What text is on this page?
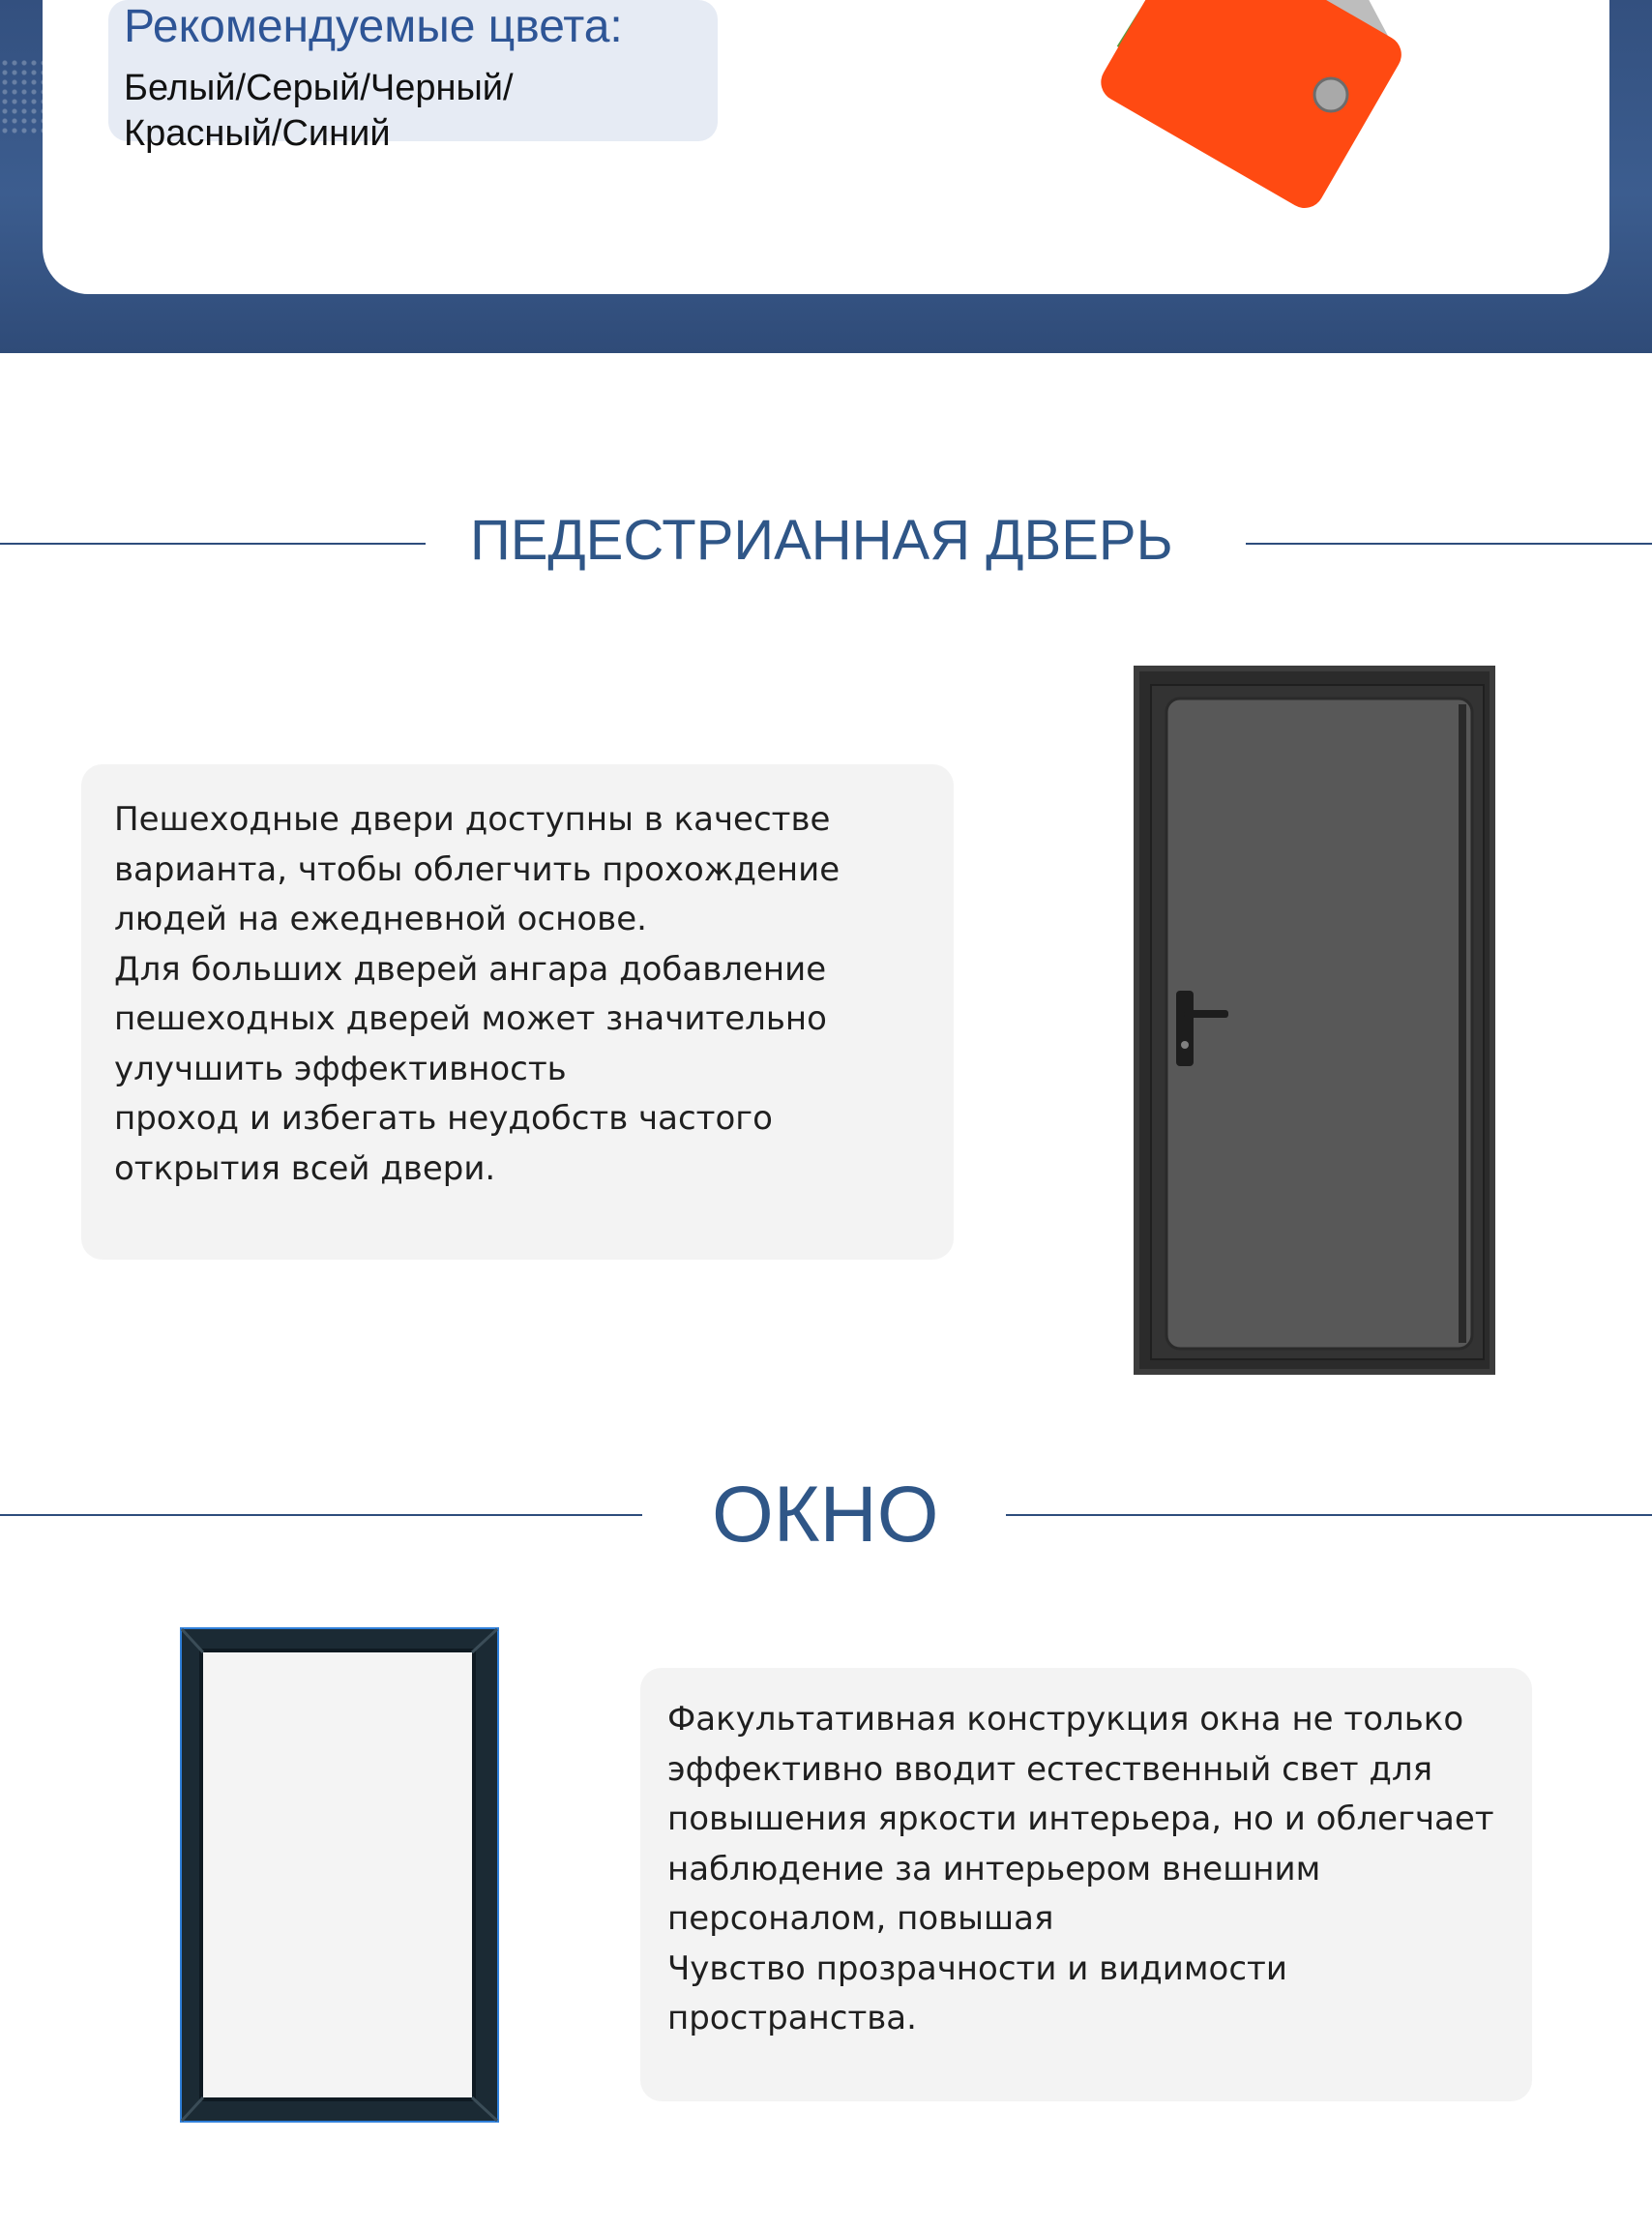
Рекомендуемые цвета:
Белый/Серый/Черный/
Красный/Синий
ПЕДЕСТРИАННАЯ ДВЕРЬ

Пешеходные двери доступны в качестве
варианта, чтобы облегчить прохождение
людей на ежедневной основе.
Для больших дверей ангара добавление
пешеходных дверей может значительно
улучшить эффективность
проход и избегать неудобств частого
открытия всей двери.

ОКНО

Факультативная конструкция окна не только
эффективно вводит естественный свет для
повышения яркости интерьера, но и облегчает
наблюдение за интерьером внешним
персоналом, повышая
Чувство прозрачности и видимости
пространства.
